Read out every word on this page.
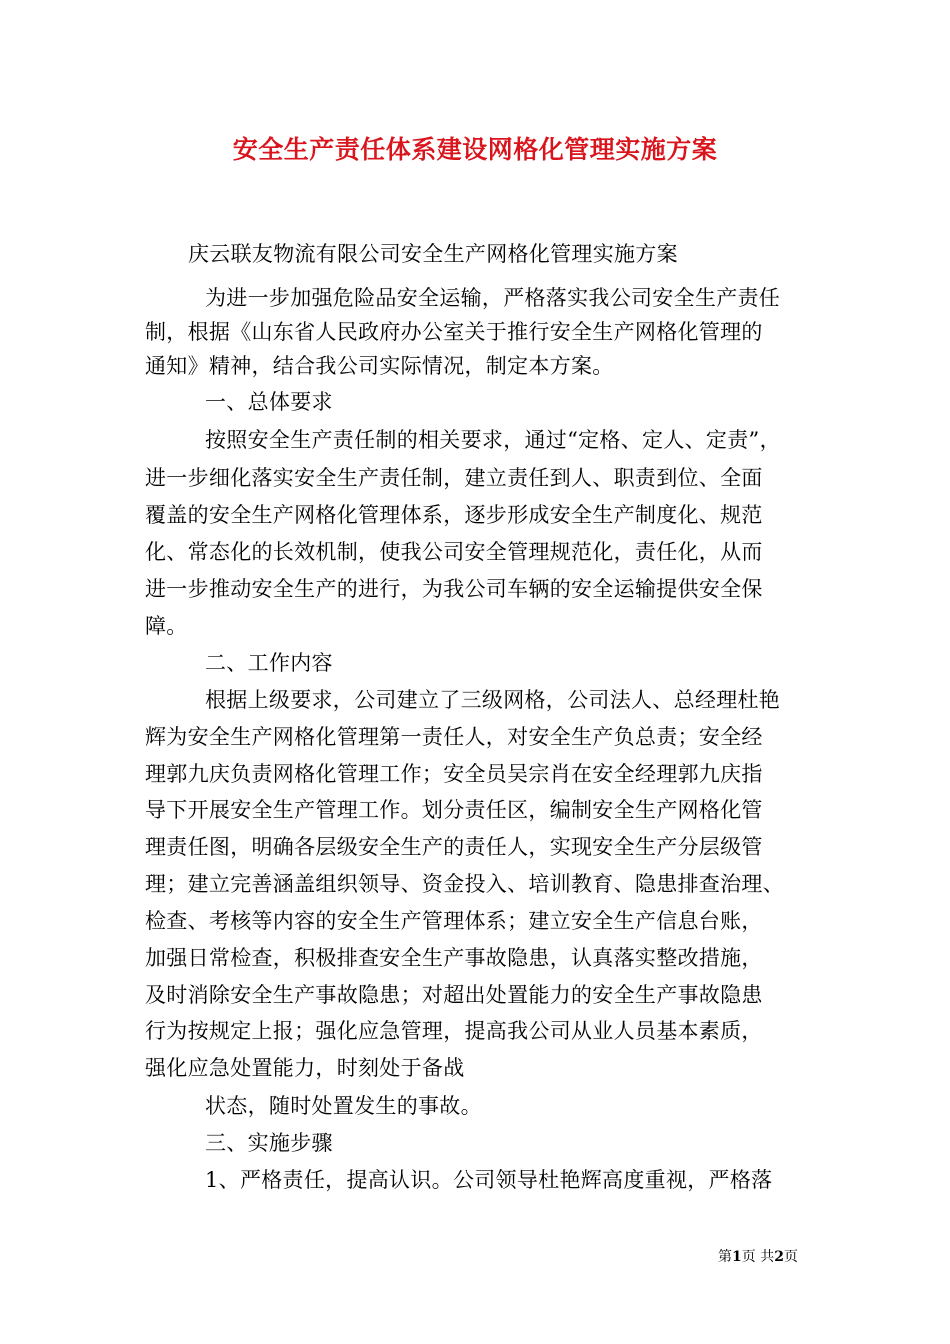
安全生产责任体系建设网格化管理实施方案
庆云联友物流有限公司安全生产网格化管理实施方案
为进一步加强危险品安全运输，严格落实我公司安全生产责任
制，根据《山东省人民政府办公室关于推行安全生产网格化管理的
通知》精神，结合我公司实际情况，制定本方案。
一、总体要求
按照安全生产责任制的相关要求，通过“定格、定人、定责”，
进一步细化落实安全生产责任制，建立责任到人、职责到位、全面
覆盖的安全生产网格化管理体系，逐步形成安全生产制度化、规范
化、常态化的长效机制，使我公司安全管理规范化，责任化，从而
进一步推动安全生产的进行，为我公司车辆的安全运输提供安全保
障。
二、工作内容
根据上级要求，公司建立了三级网格，公司法人、总经理杜艳
辉为安全生产网格化管理第一责任人，对安全生产负总责；安全经
理郭九庆负责网格化管理工作；安全员吴宗肖在安全经理郭九庆指
导下开展安全生产管理工作。划分责任区，编制安全生产网格化管
理责任图，明确各层级安全生产的责任人，实现安全生产分层级管
理；建立完善涵盖组织领导、资金投入、培训教育、隐患排查治理、
检查、考核等内容的安全生产管理体系；建立安全生产信息台账，
加强日常检查，积极排查安全生产事故隐患，认真落实整改措施，
及时消除安全生产事故隐患；对超出处置能力的安全生产事故隐患
行为按规定上报；强化应急管理，提高我公司从业人员基本素质，
强化应急处置能力，时刻处于备战
状态，随时处置发生的事故。
三、实施步骤
1、严格责任，提高认识。公司领导杜艳辉高度重视，严格落
第1页 共2页
